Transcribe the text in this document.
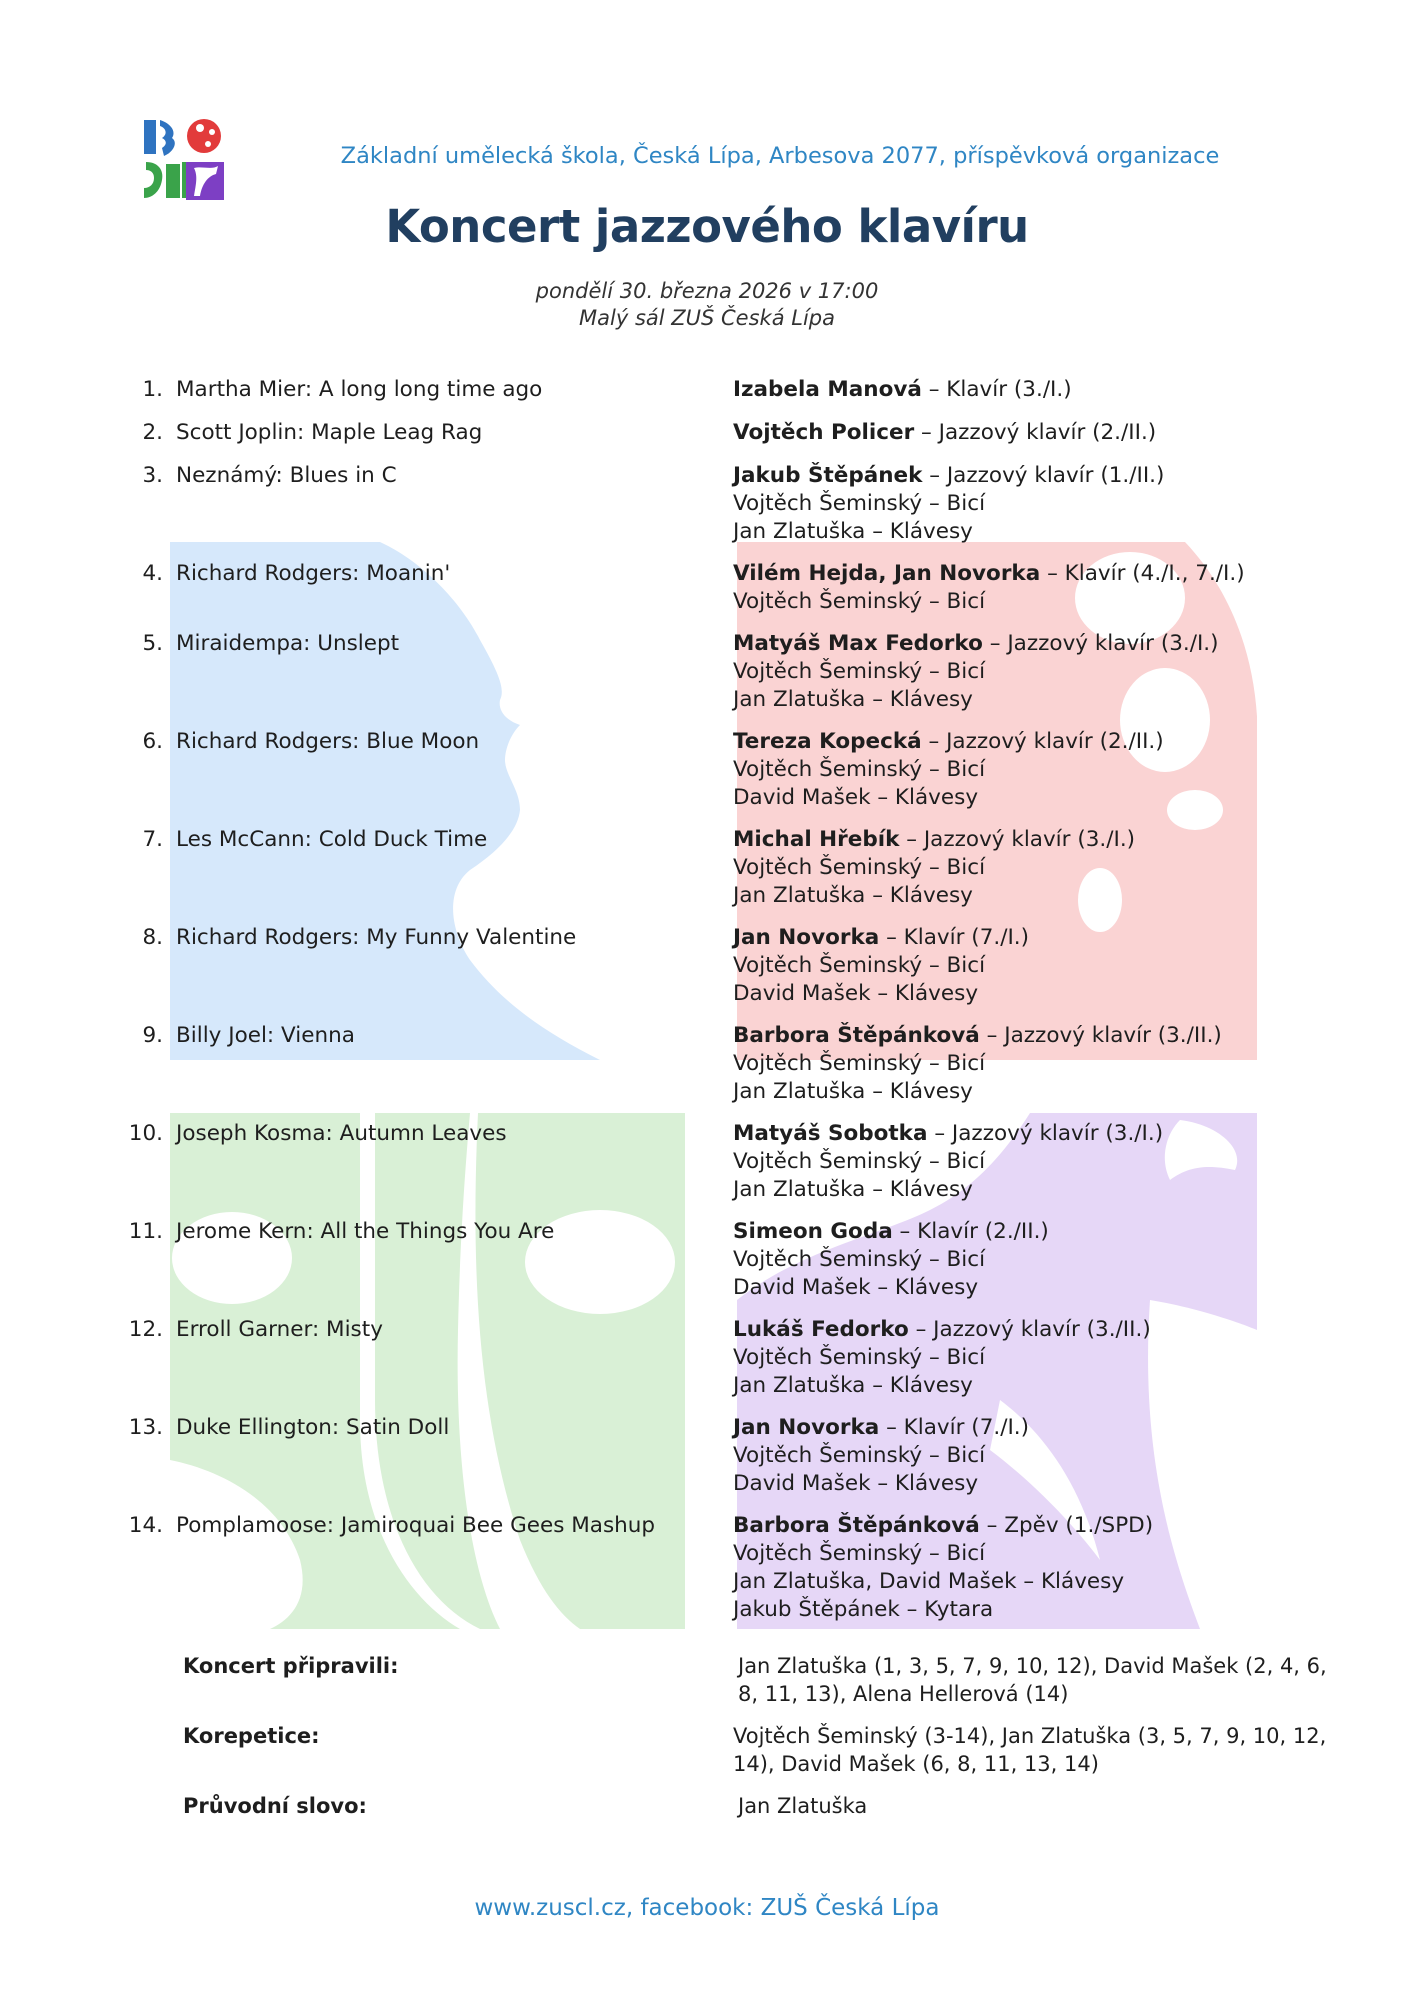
Základní umělecká škola, Česká Lípa, Arbesova 2077, příspěvková organizace
Koncert jazzového klavíru
pondělí 30. března 2026 v 17:00
Malý sál ZUŠ Česká Lípa
1. Martha Mier: A long long time ago	Izabela Manová – Klavír (3./I.)
2. Scott Joplin: Maple Leag Rag	Vojtěch Policer – Jazzový klavír (2./II.)
3. Neznámý: Blues in C	Jakub Štěpánek – Jazzový klavír (1./II.)
Vojtěch Šeminský – Bicí
Jan Zlatuška – Klávesy
4. Richard Rodgers: Moanin'	Vilém Hejda, Jan Novorka – Klavír (4./I., 7./I.)
Vojtěch Šeminský – Bicí
5. Miraidempa: Unslept	Matyáš Max Fedorko – Jazzový klavír (3./I.)
Vojtěch Šeminský – Bicí
Jan Zlatuška – Klávesy
6. Richard Rodgers: Blue Moon	Tereza Kopecká – Jazzový klavír (2./II.)
Vojtěch Šeminský – Bicí
David Mašek – Klávesy
7. Les McCann: Cold Duck Time	Michal Hřebík – Jazzový klavír (3./I.)
Vojtěch Šeminský – Bicí
Jan Zlatuška – Klávesy
8. Richard Rodgers: My Funny Valentine	Jan Novorka – Klavír (7./I.)
Vojtěch Šeminský – Bicí
David Mašek – Klávesy
9. Billy Joel: Vienna	Barbora Štěpánková – Jazzový klavír (3./II.)
Vojtěch Šeminský – Bicí
Jan Zlatuška – Klávesy
10. Joseph Kosma: Autumn Leaves	Matyáš Sobotka – Jazzový klavír (3./I.)
Vojtěch Šeminský – Bicí
Jan Zlatuška – Klávesy
11. Jerome Kern: All the Things You Are	Simeon Goda – Klavír (2./II.)
Vojtěch Šeminský – Bicí
David Mašek – Klávesy
12. Erroll Garner: Misty	Lukáš Fedorko – Jazzový klavír (3./II.)
Vojtěch Šeminský – Bicí
Jan Zlatuška – Klávesy
13. Duke Ellington: Satin Doll	Jan Novorka – Klavír (7./I.)
Vojtěch Šeminský – Bicí
David Mašek – Klávesy
14. Pomplamoose: Jamiroquai Bee Gees Mashup	Barbora Štěpánková – Zpěv (1./SPD)
Vojtěch Šeminský – Bicí
Jan Zlatuška, David Mašek – Klávesy
Jakub Štěpánek – Kytara
Koncert připravili:	Jan Zlatuška (1, 3, 5, 7, 9, 10, 12), David Mašek (2, 4, 6, 8, 11, 13), Alena Hellerová (14)
Korepetice:	Vojtěch Šeminský (3-14), Jan Zlatuška (3, 5, 7, 9, 10, 12, 14), David Mašek (6, 8, 11, 13, 14)
Průvodní slovo:	Jan Zlatuška
www.zuscl.cz, facebook: ZUŠ Česká Lípa
